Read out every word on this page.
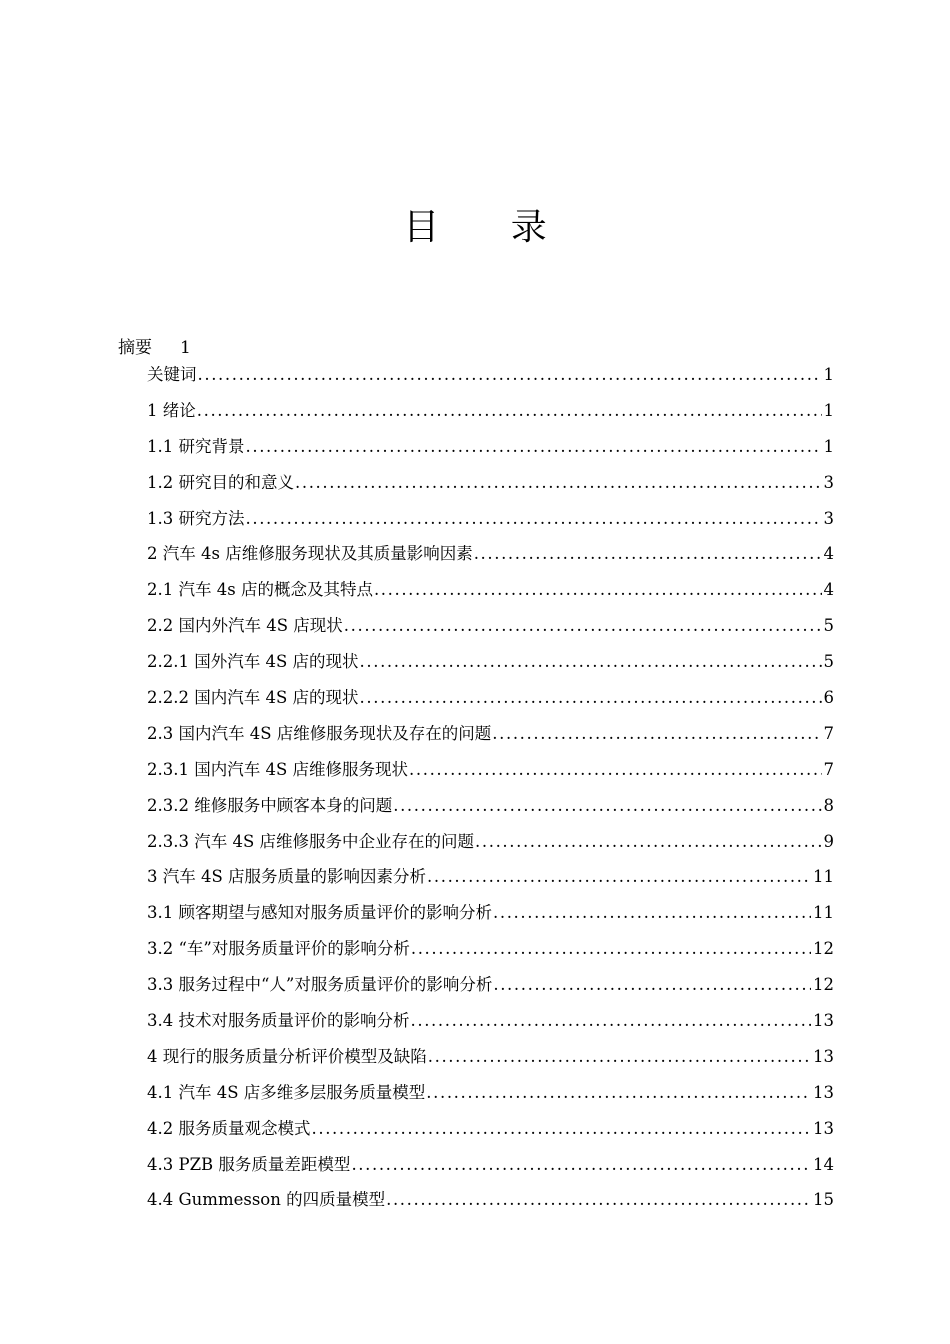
目 录
摘要 1
关键词 .....	1
1 绪论 .....	1
1.1 研究背景 .....	1
1.2 研究目的和意义 .....	3
1.3 研究方法 .....	3
2 汽车 4s 店维修服务现状及其质量影响因素 .....	4
2.1 汽车 4s 店的概念及其特点 .....	4
2.2 国内外汽车 4S 店现状 .....	5
2.2.1 国外汽车 4S 店的现状 .....	5
2.2.2 国内汽车 4S 店的现状 .....	6
2.3 国内汽车 4S 店维修服务现状及存在的问题 .....	7
2.3.1 国内汽车 4S 店维修服务现状 .....	7
2.3.2 维修服务中顾客本身的问题 .....	8
2.3.3 汽车 4S 店维修服务中企业存在的问题 .....	9
3 汽车 4S 店服务质量的影响因素分析 .....	11
3.1 顾客期望与感知对服务质量评价的影响分析 .....	11
3.2 “车”对服务质量评价的影响分析 .....	12
3.3 服务过程中“人”对服务质量评价的影响分析 .....	12
3.4 技术对服务质量评价的影响分析 .....	13
4 现行的服务质量分析评价模型及缺陷 .....	13
4.1 汽车 4S 店多维多层服务质量模型 .....	13
4.2 服务质量观念模式 .....	13
4.3 PZB 服务质量差距模型 .....	14
4.4 Gummesson 的四质量模型 .....	15
